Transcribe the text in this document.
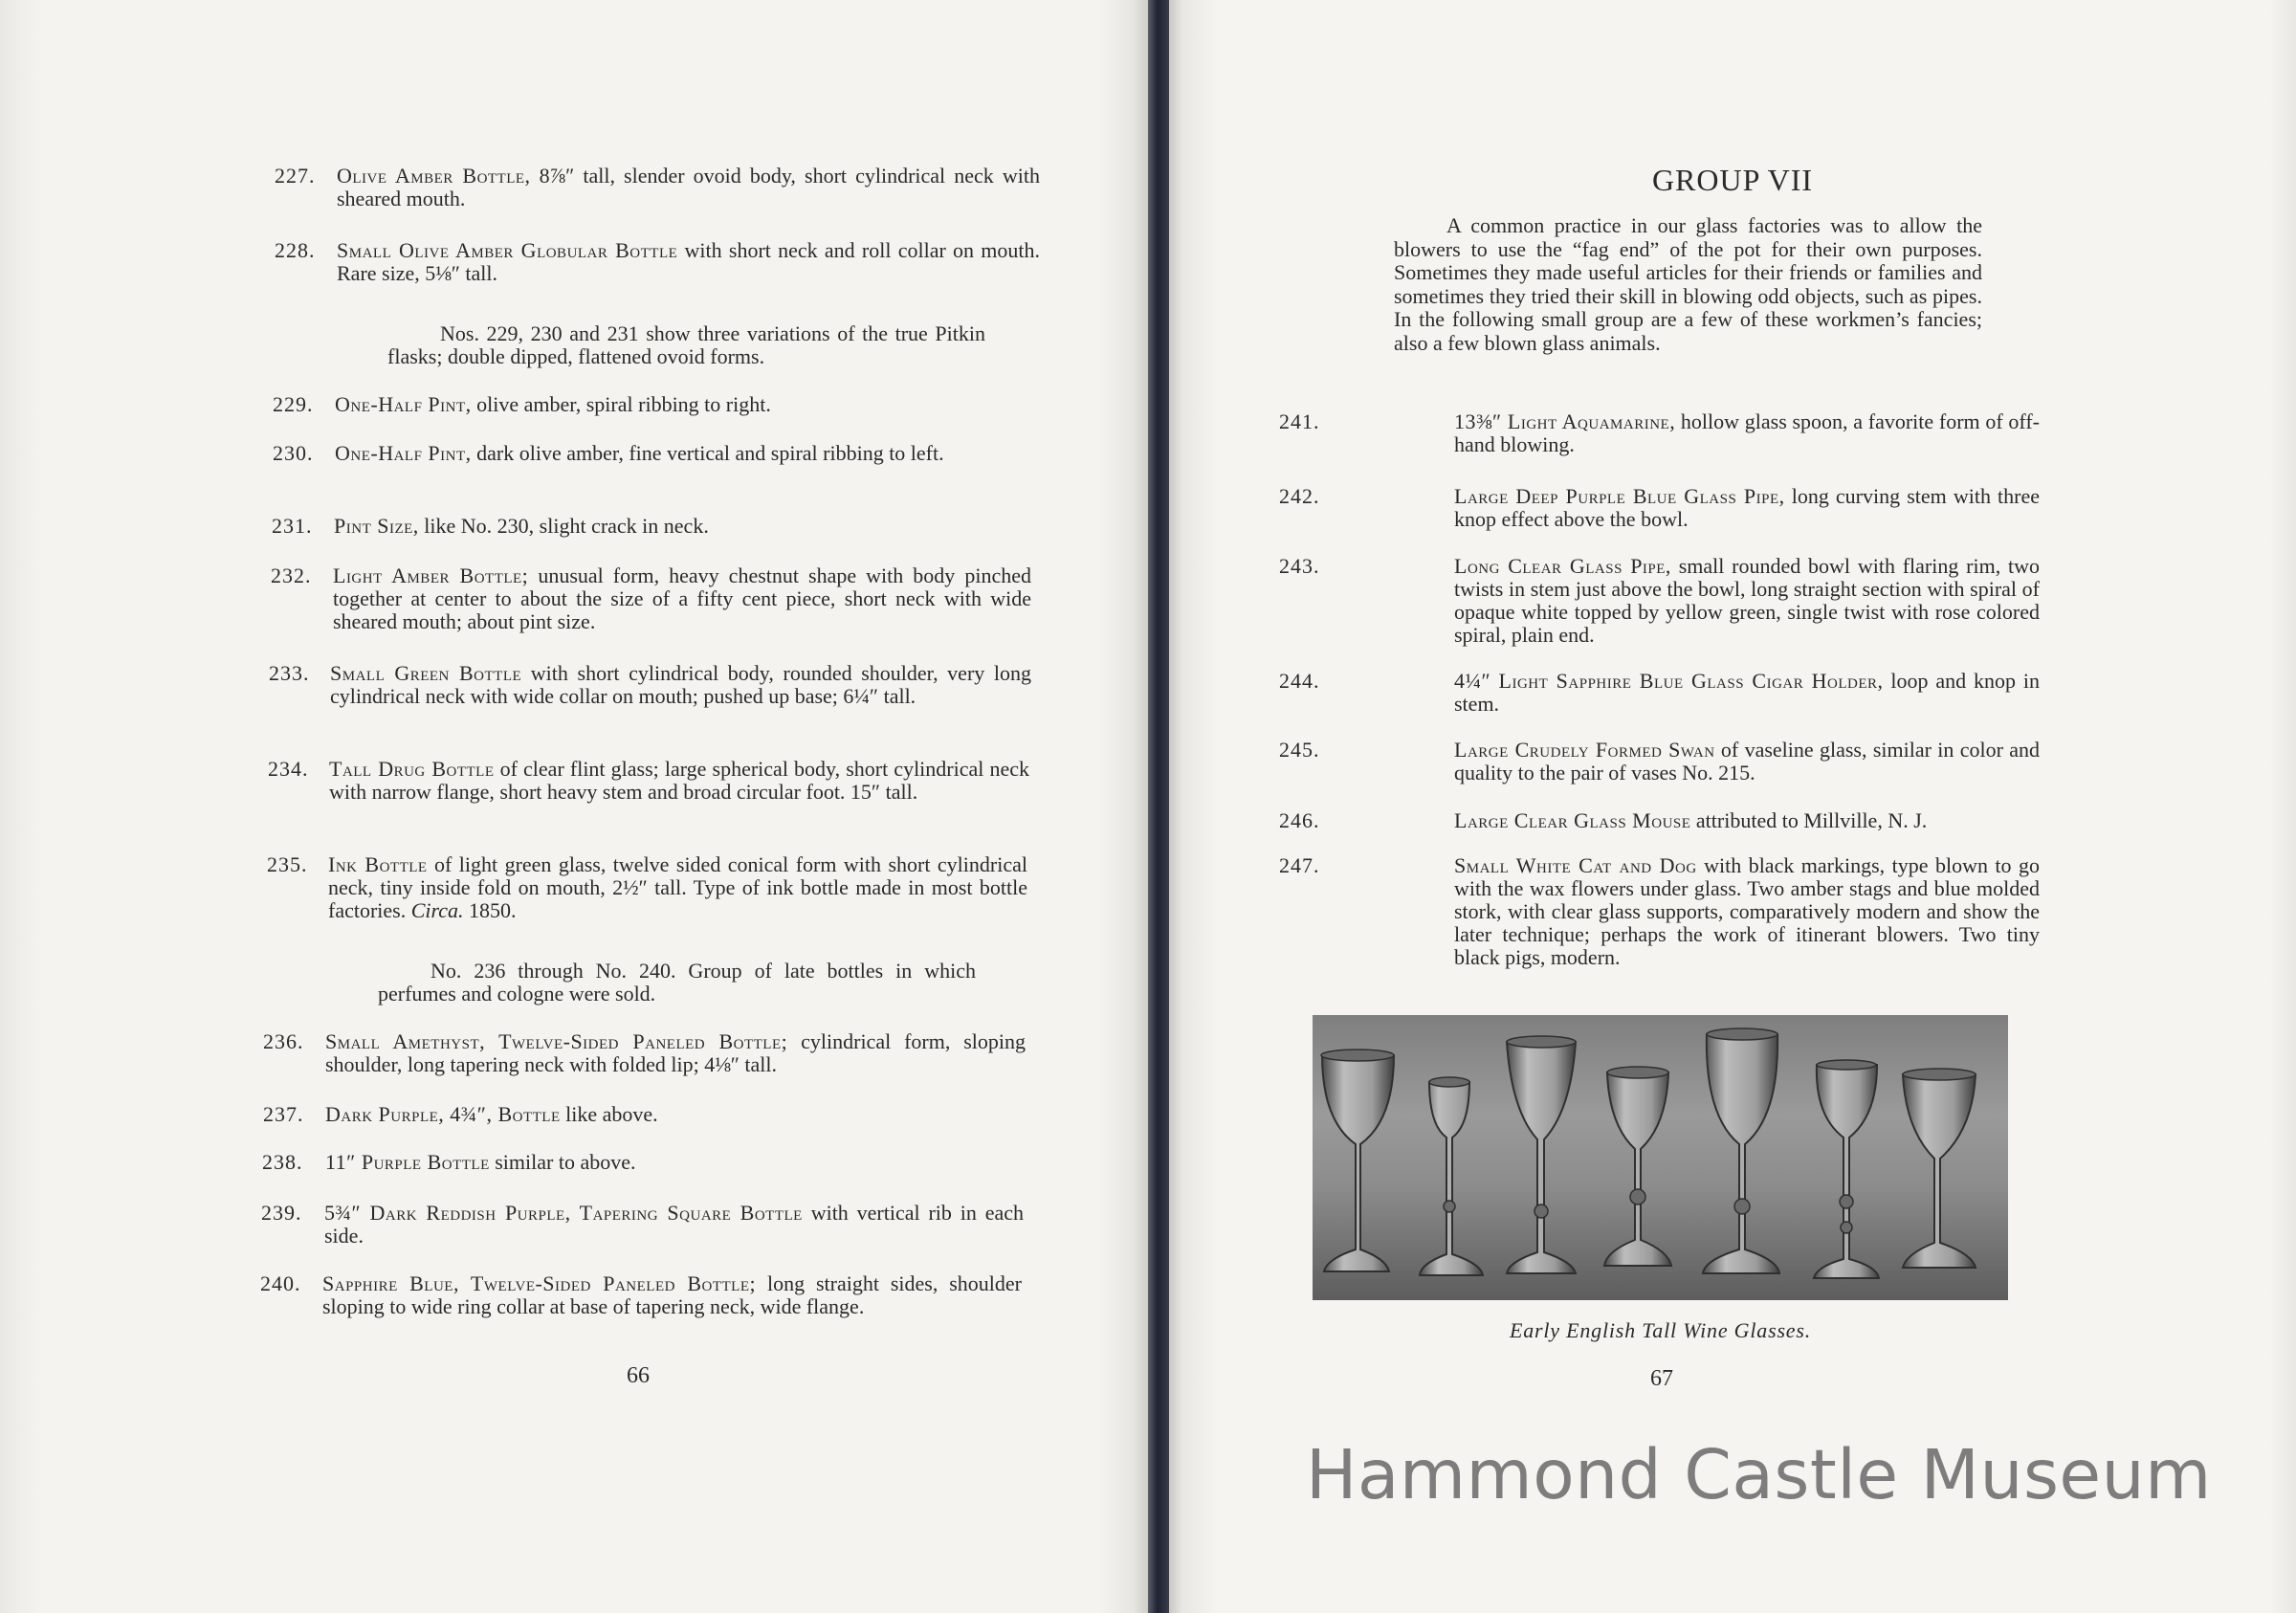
227. Olive Amber Bottle, 8⅞″ tall, slender ovoid body, short cylindrical neck with sheared mouth.
228. Small Olive Amber Globular Bottle with short neck and roll collar on mouth. Rare size, 5⅛″ tall.
Nos. 229, 230 and 231 show three variations of the true Pitkin flasks; double dipped, flattened ovoid forms.
229. One-Half Pint, olive amber, spiral ribbing to right.
230. One-Half Pint, dark olive amber, fine vertical and spiral ribbing to left.
231. Pint Size, like No. 230, slight crack in neck.
232. Light Amber Bottle; unusual form, heavy chestnut shape with body pinched together at center to about the size of a fifty cent piece, short neck with wide sheared mouth; about pint size.
233. Small Green Bottle with short cylindrical body, rounded shoulder, very long cylindrical neck with wide collar on mouth; pushed up base; 6¼″ tall.
234. Tall Drug Bottle of clear flint glass; large spherical body, short cylindrical neck with narrow flange, short heavy stem and broad circular foot. 15″ tall.
235. Ink Bottle of light green glass, twelve sided conical form with short cylindrical neck, tiny inside fold on mouth, 2½″ tall. Type of ink bottle made in most bottle factories. Circa. 1850.
No. 236 through No. 240. Group of late bottles in which perfumes and cologne were sold.
236. Small Amethyst, Twelve-Sided Paneled Bottle; cylindrical form, sloping shoulder, long tapering neck with folded lip; 4⅛″ tall.
237. Dark Purple, 4¾″, Bottle like above.
238. 11″ Purple Bottle similar to above.
239. 5¾″ Dark Reddish Purple, Tapering Square Bottle with vertical rib in each side.
240. Sapphire Blue, Twelve-Sided Paneled Bottle; long straight sides, shoulder sloping to wide ring collar at base of tapering neck, wide flange.
66
GROUP VII
A common practice in our glass factories was to allow the blowers to use the “fag end” of the pot for their own purposes. Sometimes they made useful articles for their friends or families and sometimes they tried their skill in blowing odd objects, such as pipes. In the following small group are a few of these workmen’s fancies; also a few blown glass animals.
241.	13⅜″ Light Aquamarine, hollow glass spoon, a favorite form of off-hand blowing.
242.	Large Deep Purple Blue Glass Pipe, long curving stem with three knop effect above the bowl.
243.	Long Clear Glass Pipe, small rounded bowl with flaring rim, two twists in stem just above the bowl, long straight section with spiral of opaque white topped by yellow green, single twist with rose colored spiral, plain end.
244.	4¼″ Light Sapphire Blue Glass Cigar Holder, loop and knop in stem.
245.	Large Crudely Formed Swan of vaseline glass, similar in color and quality to the pair of vases No. 215.
246.	Large Clear Glass Mouse attributed to Millville, N. J.
247.	Small White Cat and Dog with black markings, type blown to go with the wax flowers under glass. Two amber stags and blue molded stork, with clear glass supports, comparatively modern and show the later technique; perhaps the work of itinerant blowers. Two tiny black pigs, modern.
Early English Tall Wine Glasses.
67
Hammond Castle Museum
